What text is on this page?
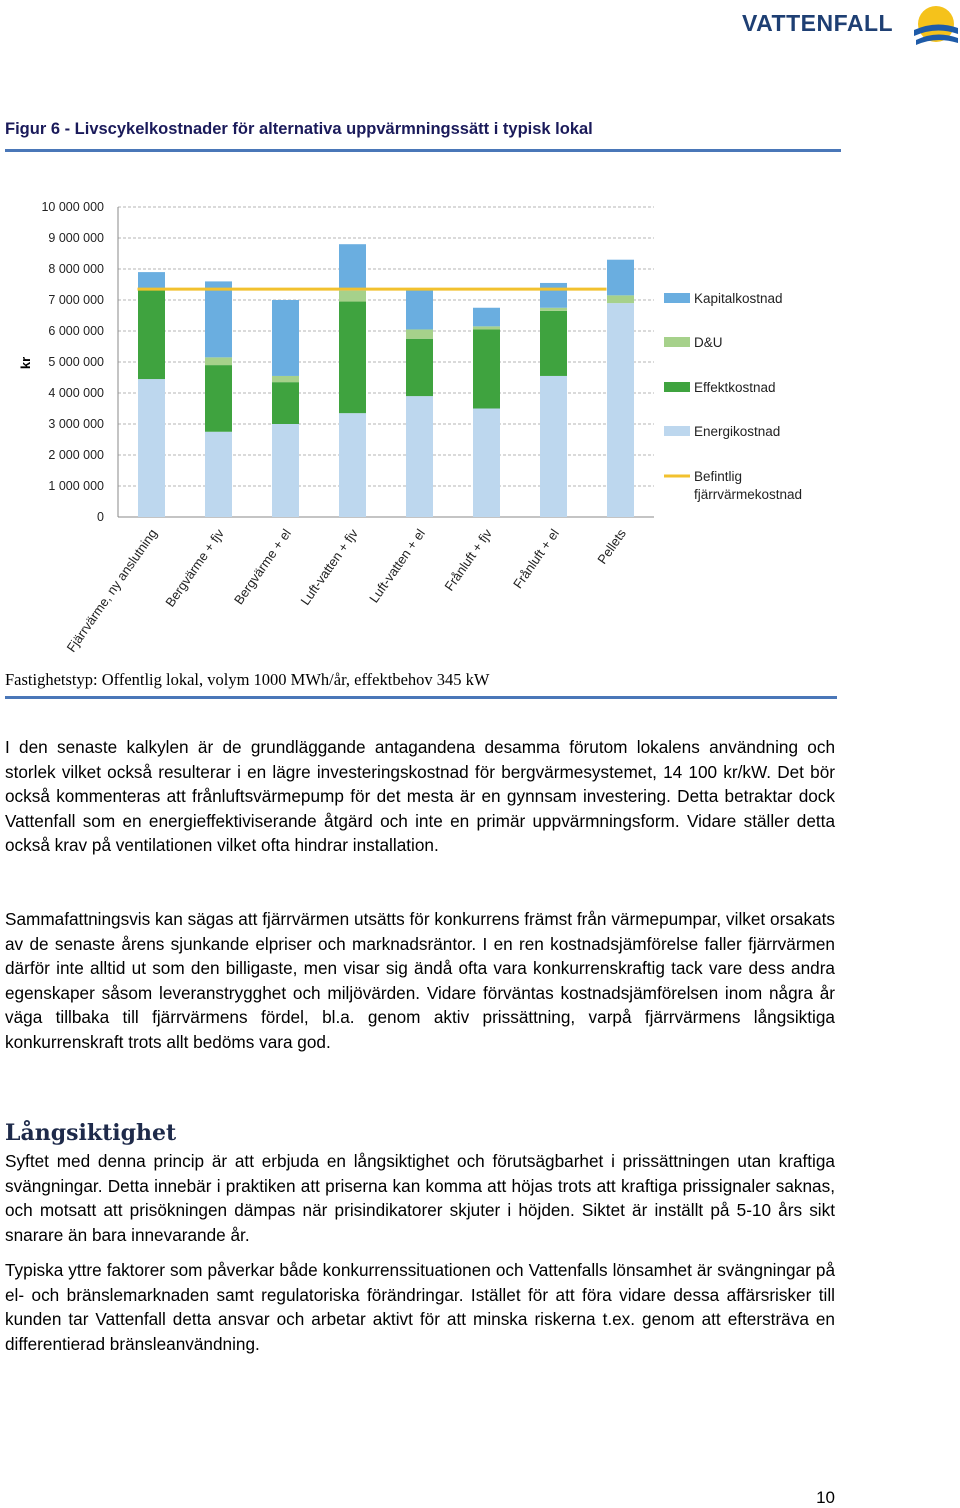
VATTENFALL
Figur 6 - Livscykelkostnader för alternativa uppvärmningssätt i typisk lokal
0
1 000 000
2 000 000
3 000 000
4 000 000
5 000 000
6 000 000
7 000 000
8 000 000
9 000 000
10 000 000
kr
Fjärrvärme, ny anslutning Bergvärme + fjv Bergvärme + el Luft-vatten + fjv Luft-vatten + el Frånluft + fjv Frånluft + el Pellets
Kapitalkostnad
D&U
Effektkostnad
Energikostnad
Befintlig
fjärrvärmekostnad
Fastighetstyp: Offentlig lokal, volym 1000 MWh/år, effektbehov 345 kW

I den senaste kalkylen är de grundläggande antagandena desamma förutom lokalens användning och storlek vilket också resulterar i en lägre investeringskostnad för bergvärmesystemet, 14 100 kr/kW. Det bör också kommenteras att frånluftsvärmepump för det mesta är en gynnsam investering. Detta betraktar dock Vattenfall som en energieffektiviserande åtgärd och inte en primär uppvärmningsform. Vidare ställer detta också krav på ventilationen vilket ofta hindrar installation.

Sammafattningsvis kan sägas att fjärrvärmen utsätts för konkurrens främst från värmepumpar, vilket orsakats av de senaste årens sjunkande elpriser och marknadsräntor. I en ren kostnadsjämförelse faller fjärrvärmen därför inte alltid ut som den billigaste, men visar sig ändå ofta vara konkurrenskraftig tack vare dess andra egenskaper såsom leveranstrygghet och miljövärden. Vidare förväntas kostnadsjämförelsen inom några år väga tillbaka till fjärrvärmens fördel, bl.a. genom aktiv prissättning, varpå fjärrvärmens långsiktiga konkurrenskraft trots allt bedöms vara god.

Långsiktighet

Syftet med denna princip är att erbjuda en långsiktighet och förutsägbarhet i prissättningen utan kraftiga svängningar. Detta innebär i praktiken att priserna kan komma att höjas trots att kraftiga prissignaler saknas, och motsatt att prisökningen dämpas när prisindikatorer skjuter i höjden. Siktet är inställt på 5-10 års sikt snarare än bara innevarande år.

Typiska yttre faktorer som påverkar både konkurrenssituationen och Vattenfalls lönsamhet är svängningar på el- och bränslemarknaden samt regulatoriska förändringar. Istället för att föra vidare dessa affärsrisker till kunden tar Vattenfall detta ansvar och arbetar aktivt för att minska riskerna t.ex. genom att eftersträva en differentierad bränsleanvändning.

10
